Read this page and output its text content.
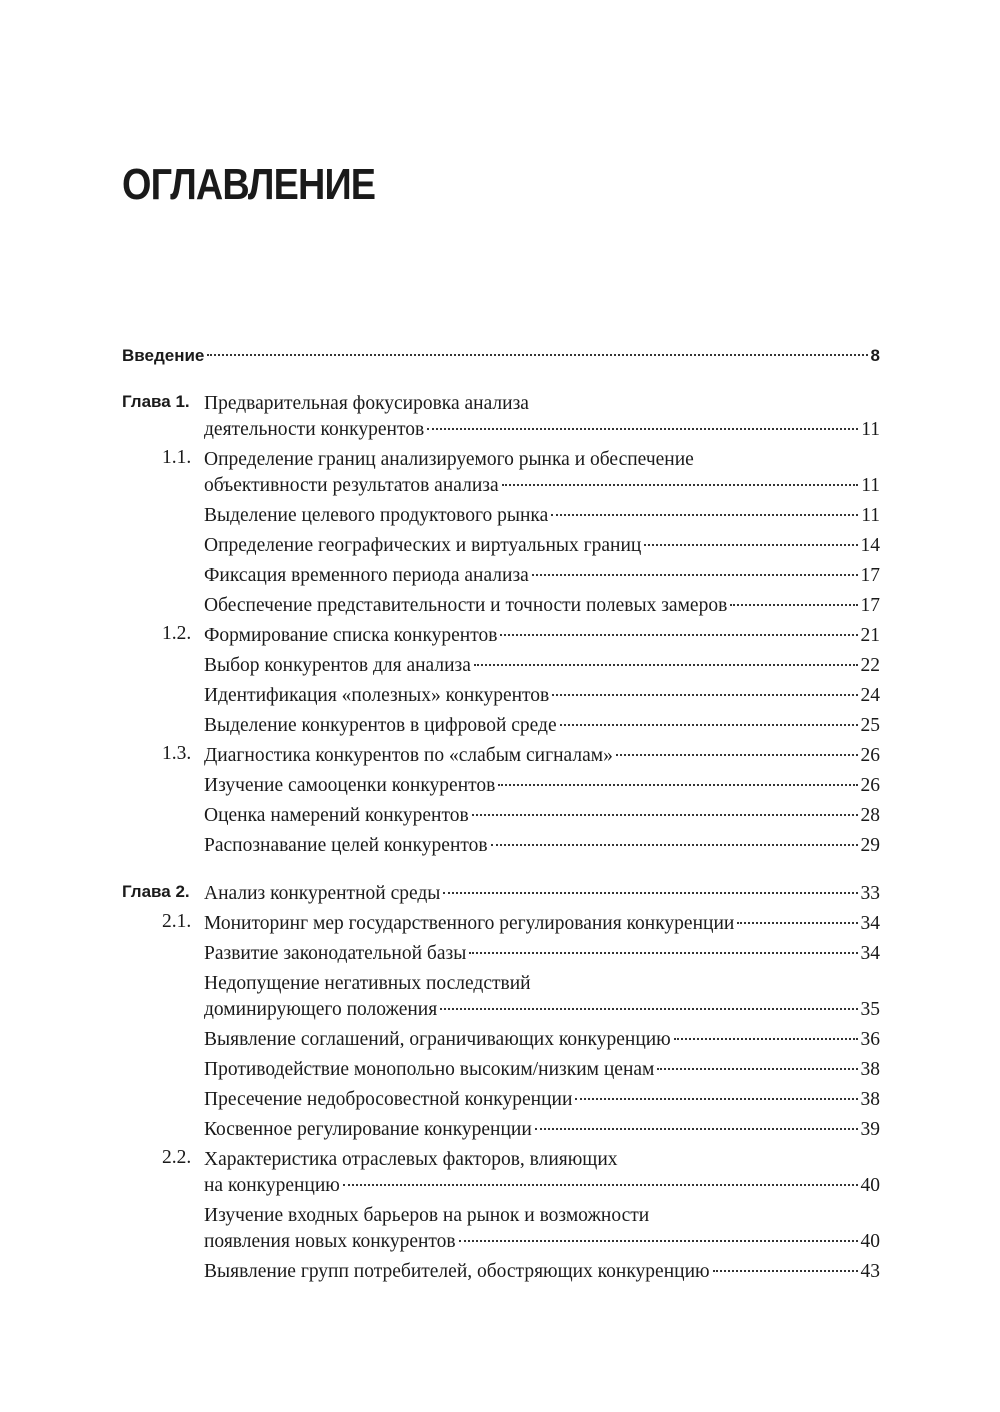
ОГЛАВЛЕНИЕ
Введение	8
Глава 1. Предварительная фокусировка анализа
деятельности конкурентов	11
1.1. Определение границ анализируемого рынка и обеспечение
объективности результатов анализа	11
Выделение целевого продуктового рынка	11
Определение географических и виртуальных границ	14
Фиксация временного периода анализа	17
Обеспечение представительности и точности полевых замеров	17
1.2. Формирование списка конкурентов	21
Выбор конкурентов для анализа	22
Идентификация «полезных» конкурентов	24
Выделение конкурентов в цифровой среде	25
1.3. Диагностика конкурентов по «слабым сигналам»	26
Изучение самооценки конкурентов	26
Оценка намерений конкурентов	28
Распознавание целей конкурентов	29
Глава 2. Анализ конкурентной среды	33
2.1. Мониторинг мер государственного регулирования конкуренции	34
Развитие законодательной базы	34
Недопущение негативных последствий
доминирующего положения	35
Выявление соглашений, ограничивающих конкуренцию	36
Противодействие монопольно высоким/низким ценам	38
Пресечение недобросовестной конкуренции	38
Косвенное регулирование конкуренции	39
2.2. Характеристика отраслевых факторов, влияющих
на конкуренцию	40
Изучение входных барьеров на рынок и возможности
появления новых конкурентов	40
Выявление групп потребителей, обостряющих конкуренцию	43
